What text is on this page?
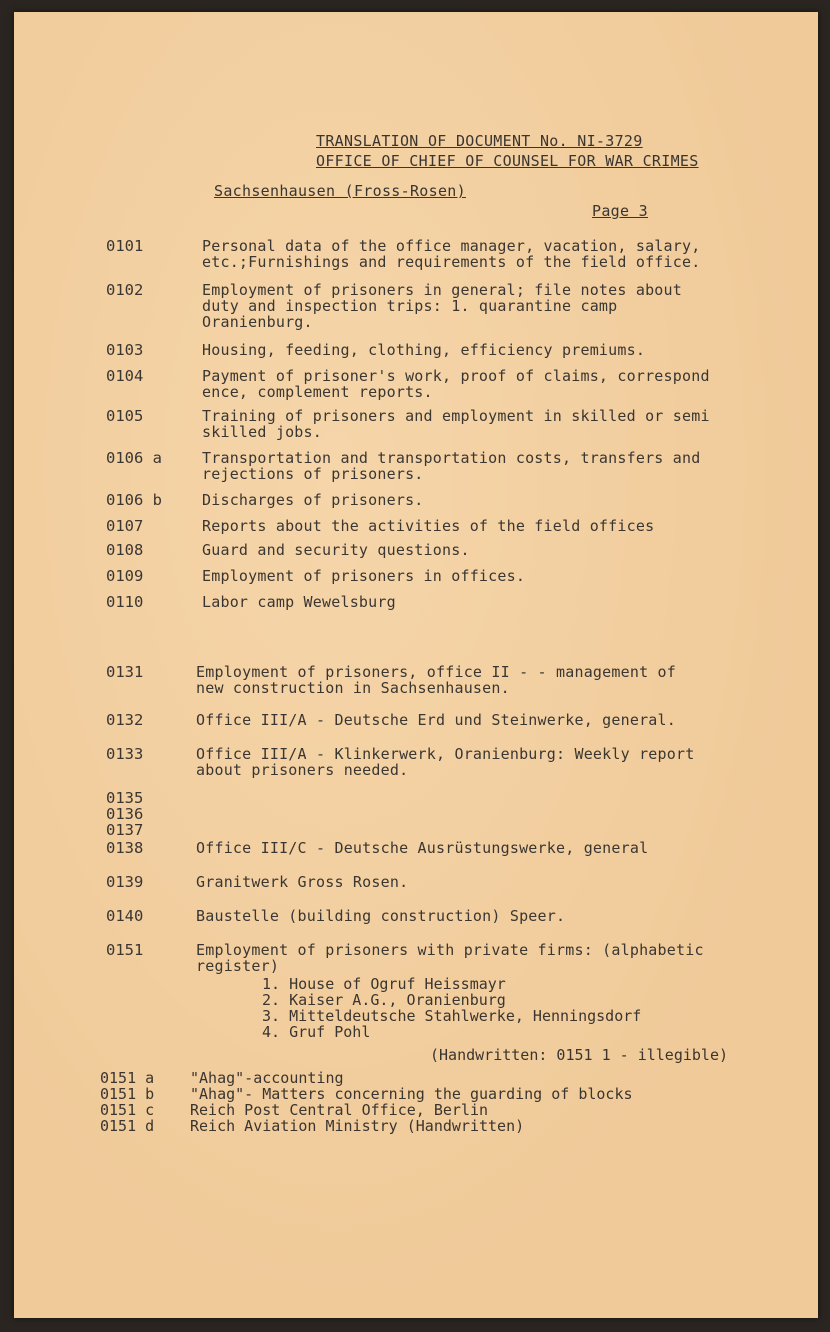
TRANSLATION OF DOCUMENT No. NI-3729
OFFICE OF CHIEF OF COUNSEL FOR WAR CRIMES
Sachsenhausen (Fross-Rosen)
Page 3
0101	Personal data of the office manager, vacation, salary,
etc.;Furnishings and requirements of the field office.
0102	Employment of prisoners in general; file notes about
duty and inspection trips: 1. quarantine camp
Oranienburg.
0103	Housing, feeding, clothing, efficiency premiums.
0104	Payment of prisoner's work, proof of claims, correspond
ence, complement reports.
0105	Training of prisoners and employment in skilled or semi
skilled jobs.
0106 a	Transportation and transportation costs, transfers and
rejections of prisoners.
0106 b	Discharges of prisoners.
0107	Reports about the activities of the field offices
0108	Guard and security questions.
0109	Employment of prisoners in offices.
0110	Labor camp Wewelsburg
0131	Employment of prisoners, office II - - management of
new construction in Sachsenhausen.
0132	Office III/A - Deutsche Erd und Steinwerke, general.
0133	Office III/A - Klinkerwerk, Oranienburg: Weekly report
about prisoners needed.
0135
0136
0137
0138	Office III/C - Deutsche Ausrüstungswerke, general
0139	Granitwerk Gross Rosen.
0140	Baustelle (building construction) Speer.
0151	Employment of prisoners with private firms: (alphabetic
register)
1. House of Ogruf Heissmayr
2. Kaiser A.G., Oranienburg
3. Mitteldeutsche Stahlwerke, Henningsdorf
4. Gruf Pohl
(Handwritten: 0151 1 - illegible)
0151 a "Ahag"-accounting
0151 b "Ahag"- Matters concerning the guarding of blocks
0151 c Reich Post Central Office, Berlin
0151 d Reich Aviation Ministry (Handwritten)
